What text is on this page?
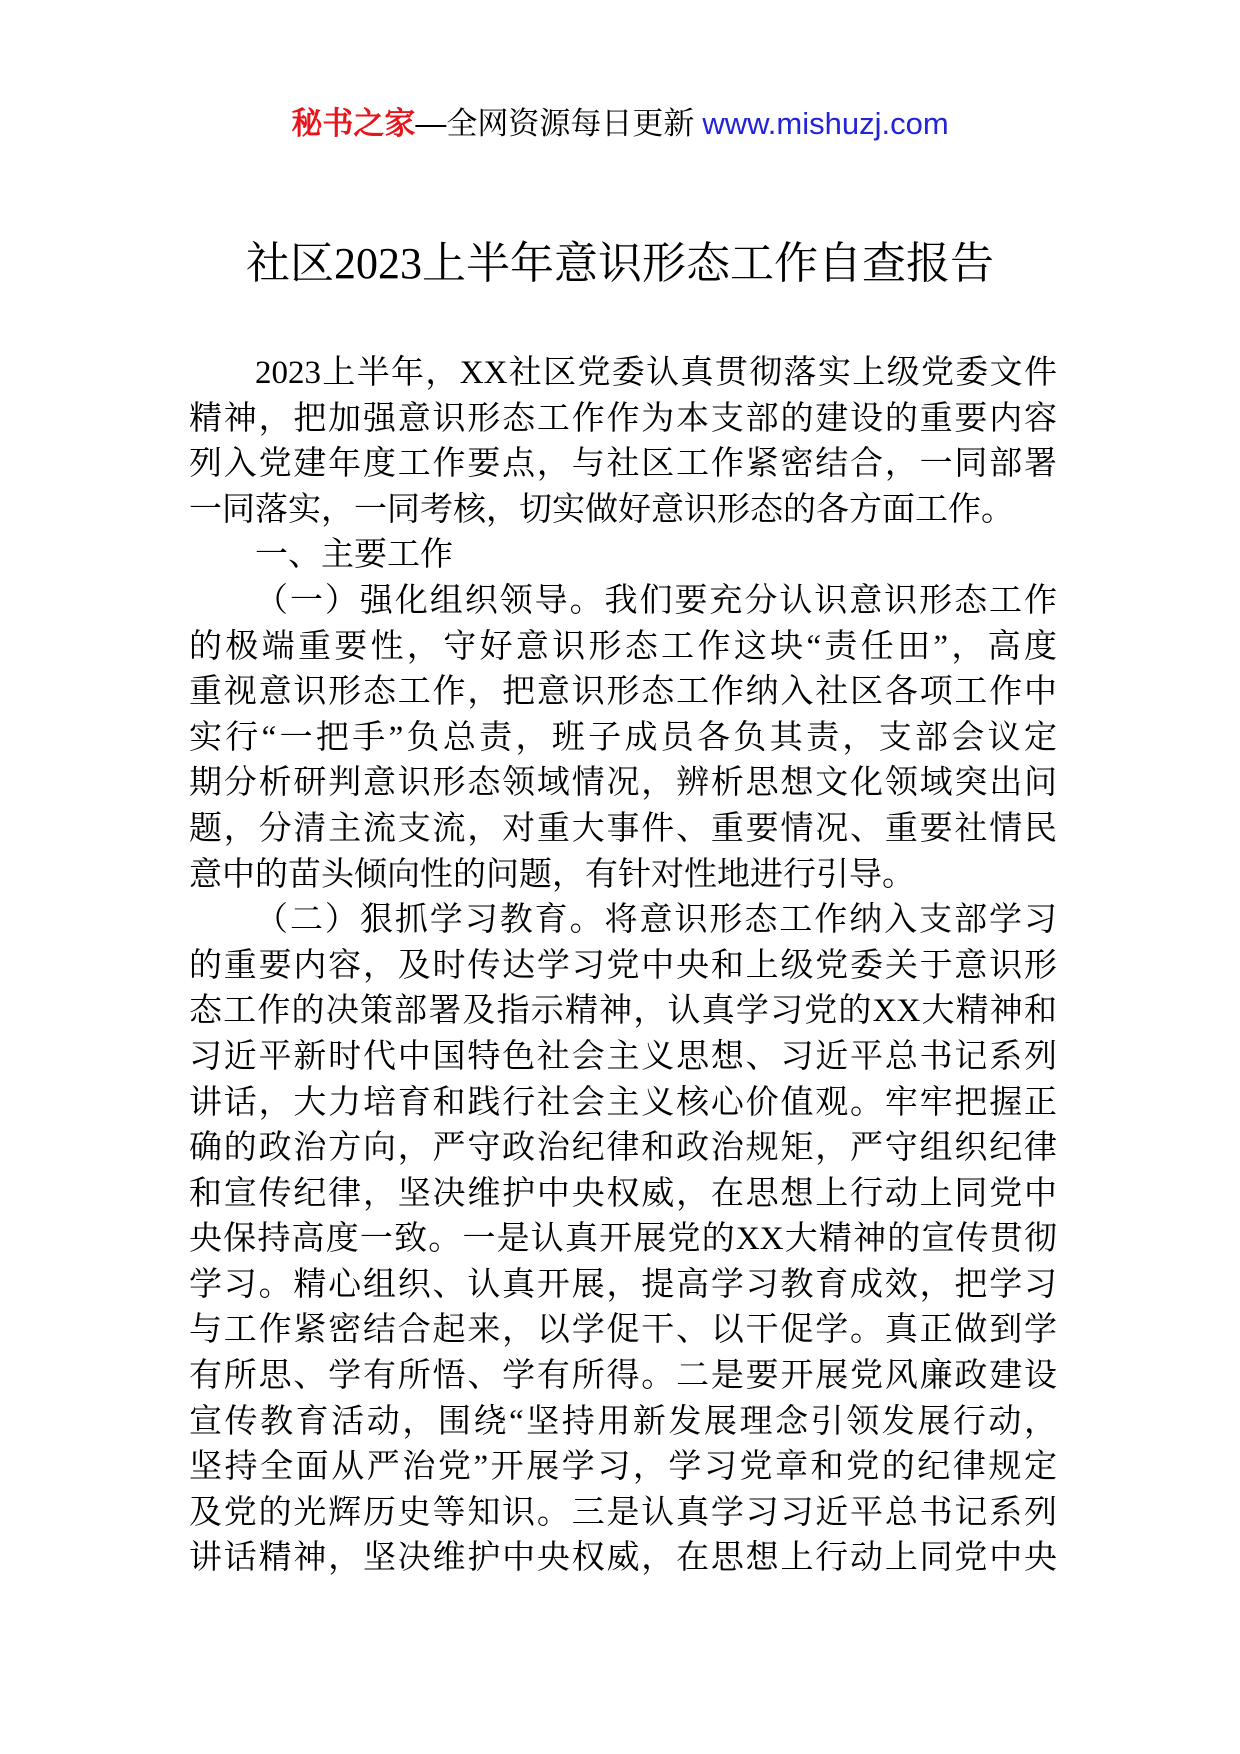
秘书之家—全网资源每日更新 www.mishuzj.com
社区2023上半年意识形态工作自查报告
2023上半年，XX社区党委认真贯彻落实上级党委文件
精神，把加强意识形态工作作为本支部的建设的重要内容
列入党建年度工作要点，与社区工作紧密结合，一同部署
一同落实，一同考核，切实做好意识形态的各方面工作。
一、主要工作
（一）强化组织领导。我们要充分认识意识形态工作
的极端重要性，守好意识形态工作这块“责任田”，高度
重视意识形态工作，把意识形态工作纳入社区各项工作中
实行“一把手”负总责，班子成员各负其责，支部会议定
期分析研判意识形态领域情况，辨析思想文化领域突出问
题，分清主流支流，对重大事件、重要情况、重要社情民
意中的苗头倾向性的问题，有针对性地进行引导。
（二）狠抓学习教育。将意识形态工作纳入支部学习
的重要内容，及时传达学习党中央和上级党委关于意识形
态工作的决策部署及指示精神，认真学习党的XX大精神和
习近平新时代中国特色社会主义思想、习近平总书记系列
讲话，大力培育和践行社会主义核心价值观。牢牢把握正
确的政治方向，严守政治纪律和政治规矩，严守组织纪律
和宣传纪律，坚决维护中央权威，在思想上行动上同党中
央保持高度一致。一是认真开展党的XX大精神的宣传贯彻
学习。精心组织、认真开展，提高学习教育成效，把学习
与工作紧密结合起来，以学促干、以干促学。真正做到学
有所思、学有所悟、学有所得。二是要开展党风廉政建设
宣传教育活动，围绕“坚持用新发展理念引领发展行动，
坚持全面从严治党”开展学习，学习党章和党的纪律规定
及党的光辉历史等知识。三是认真学习习近平总书记系列
讲话精神，坚决维护中央权威，在思想上行动上同党中央
